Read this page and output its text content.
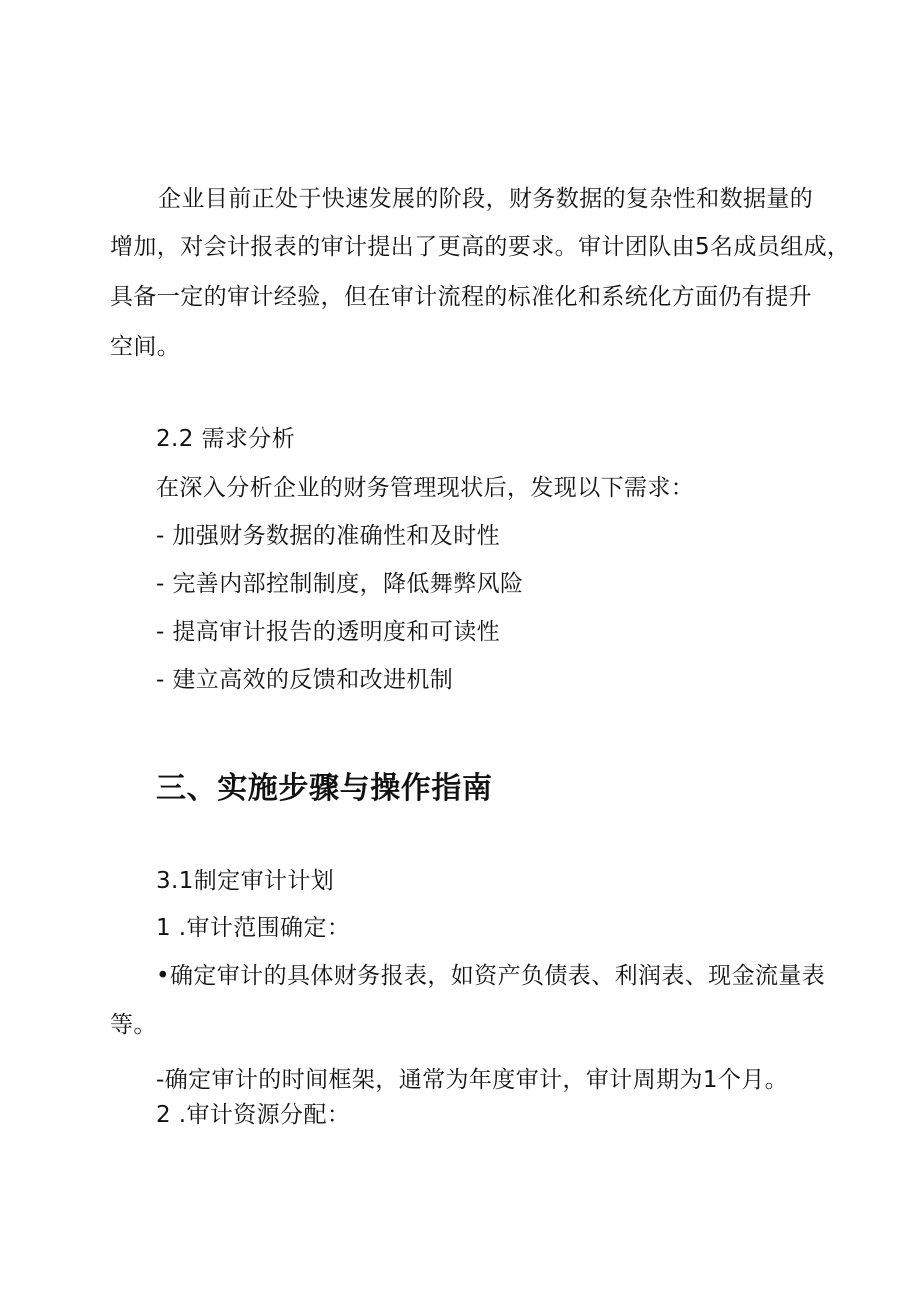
企业目前正处于快速发展的阶段，财务数据的复杂性和数据量的
增加，对会计报表的审计提出了更高的要求。审计团队由5名成员组成，
具备一定的审计经验，但在审计流程的标准化和系统化方面仍有提升
空间。
2.2 需求分析
在深入分析企业的财务管理现状后，发现以下需求：
- 加强财务数据的准确性和及时性
- 完善内部控制制度，降低舞弊风险
- 提高审计报告的透明度和可读性
- 建立高效的反馈和改进机制
三、实施步骤与操作指南
3.1制定审计计划
1 .审计范围确定：
•确定审计的具体财务报表，如资产负债表、利润表、现金流量表
等。
-确定审计的时间框架，通常为年度审计，审计周期为1个月。
2 .审计资源分配：
